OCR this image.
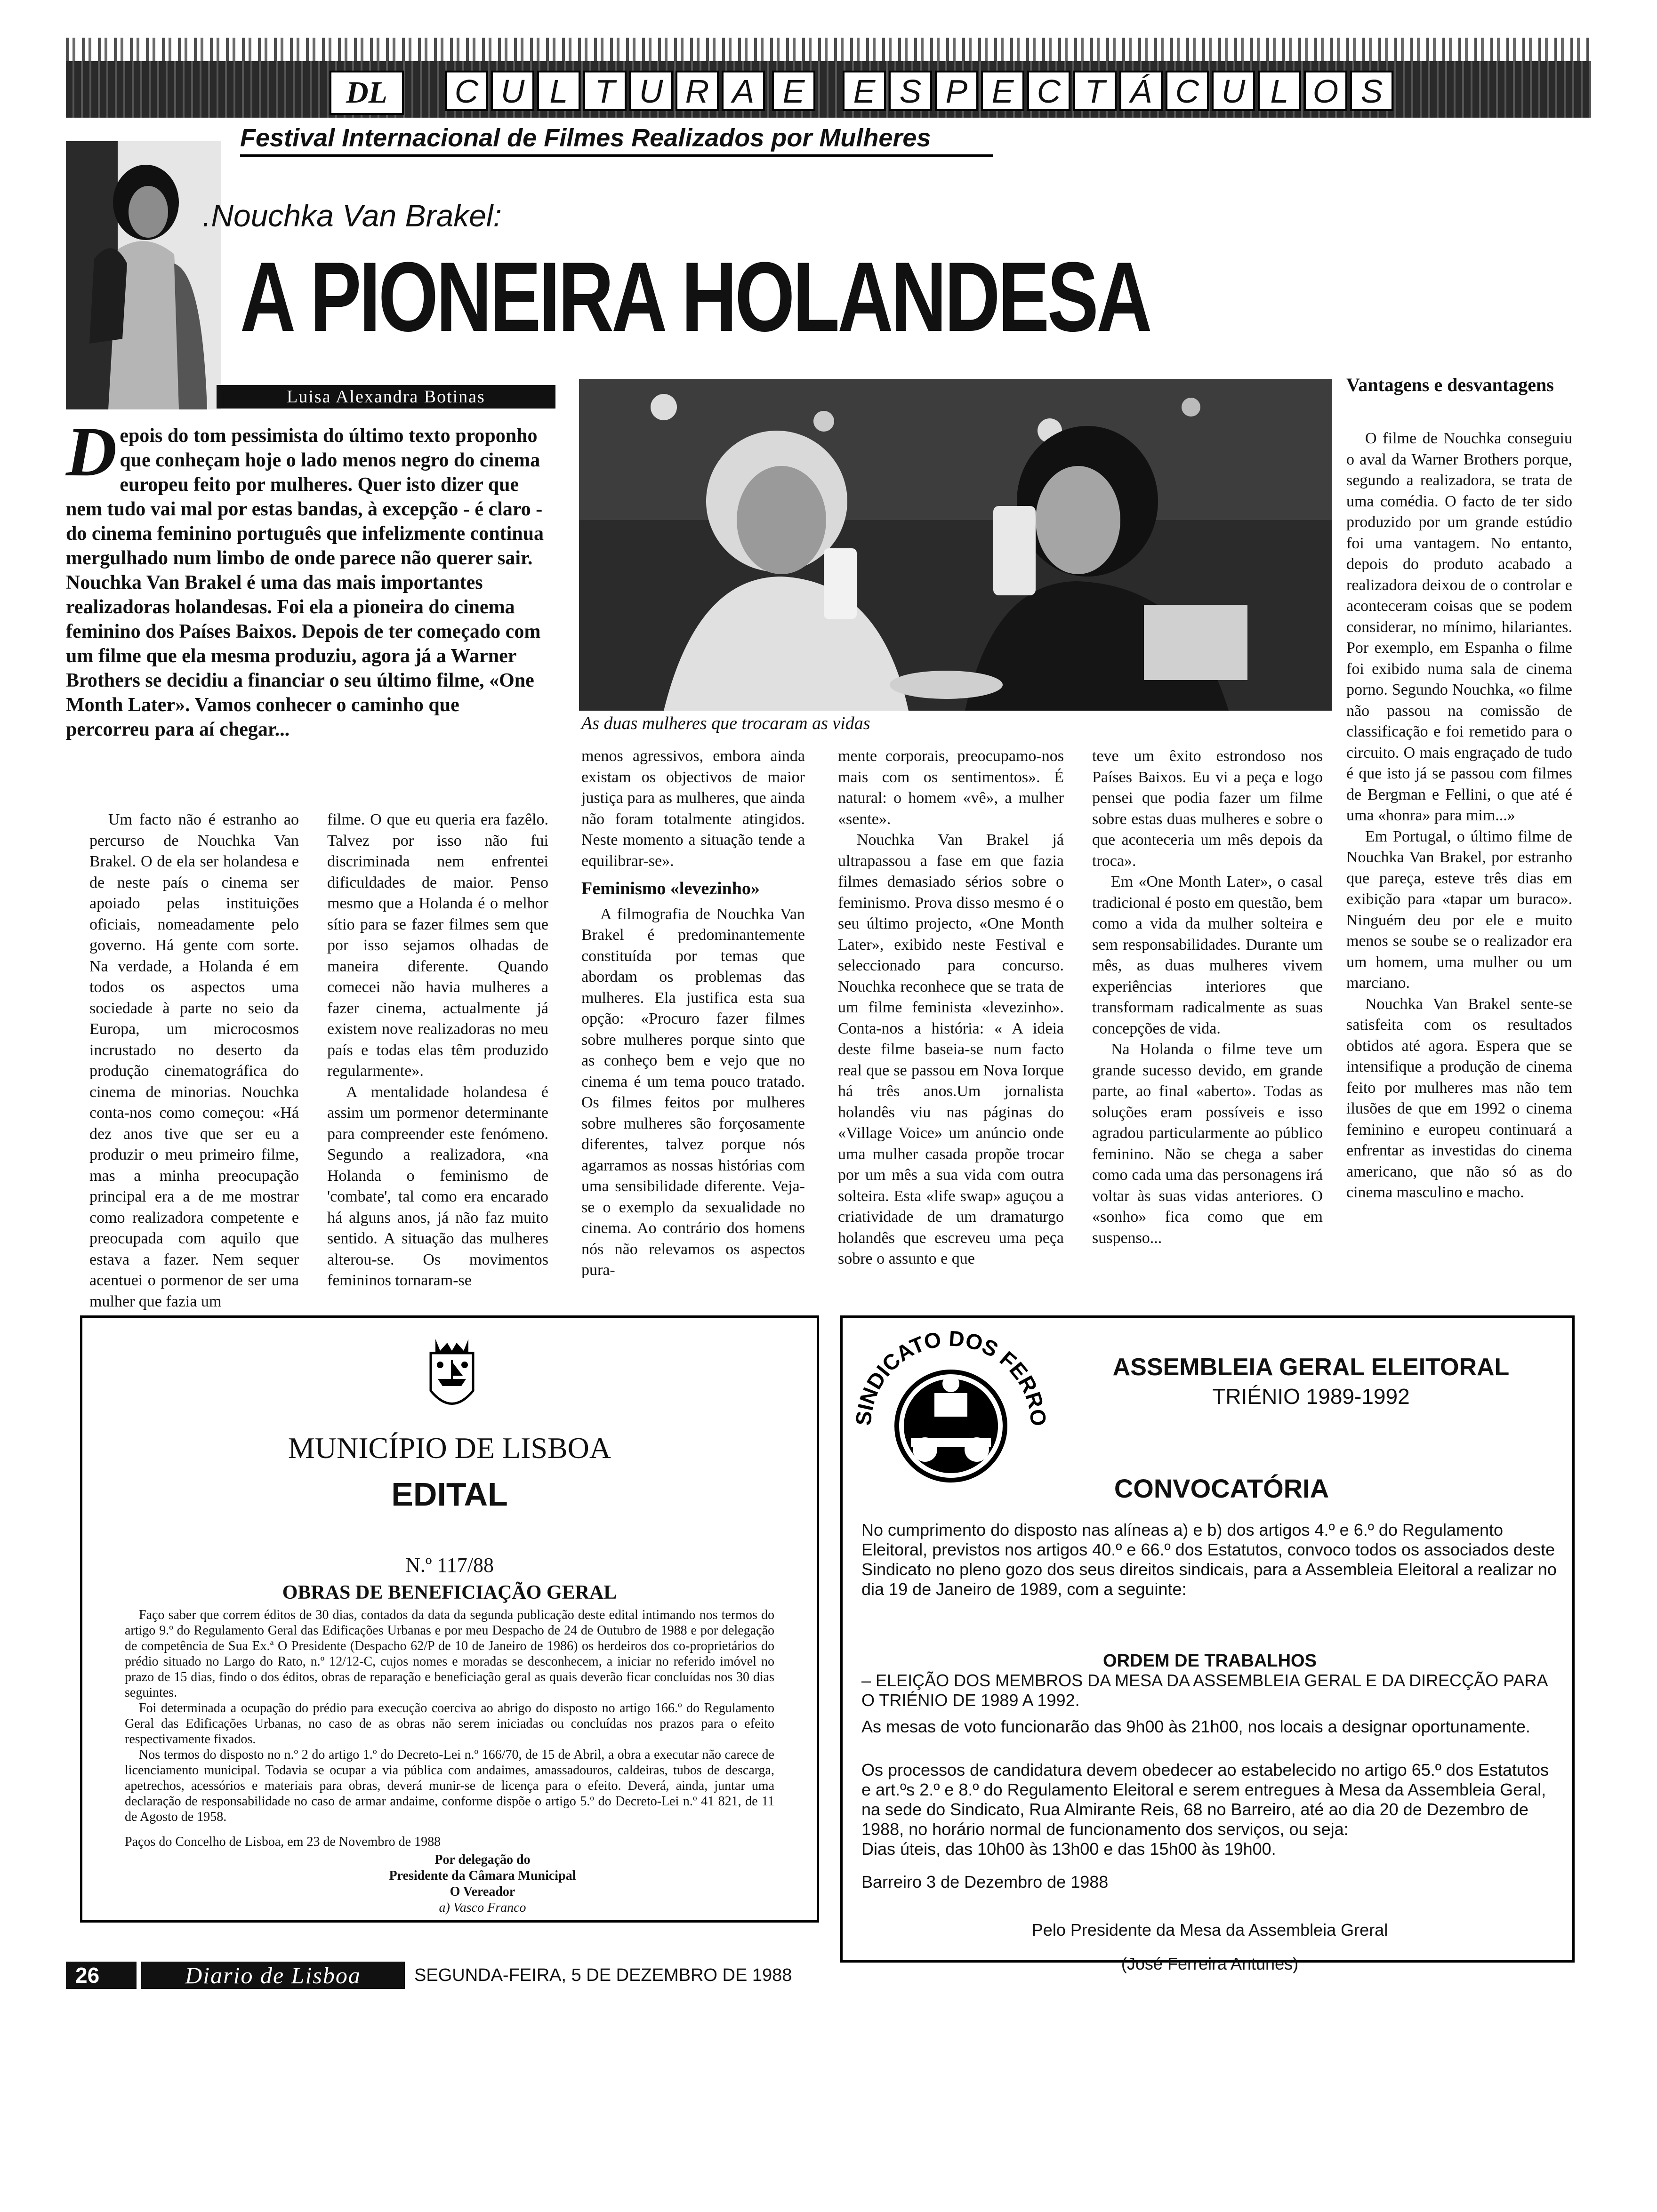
DL	C U L T U R A E	E S P E C T Á C U L O S
Festival Internacional de Filmes Realizados por Mulheres
.Nouchka Van Brakel:
A PIONEIRA HOLANDESA
Luisa Alexandra Botinas
As duas mulheres que trocaram as vidas
D epois do tom pessimista do último texto proponho que conheçam hoje o lado menos negro do cinema europeu feito por mulheres. Quer isto dizer que nem tudo vai mal por estas bandas, à excepção - é claro - do cinema feminino português que infelizmente continua mergulhado num limbo de onde parece não querer sair. Nouchka Van Brakel é uma das mais importantes realizadoras holandesas. Foi ela a pioneira do cinema feminino dos Países Baixos. Depois de ter começado com um filme que ela mesma produziu, agora já a Warner Brothers se decidiu a financiar o seu último filme, «One Month Later». Vamos conhecer o caminho que percorreu para aí chegar...

Um facto não é estranho ao percurso de Nouchka Van Brakel. O de ela ser holandesa e de neste país o cinema ser apoiado pelas instituições oficiais, nomeadamente pelo governo. Há gente com sorte. Na verdade, a Holanda é em todos os aspectos uma sociedade à parte no seio da Europa, um microcosmos incrustado no deserto da produção cinematográfica do cinema de minorias. Nouchka conta-nos como começou: «Há dez anos tive que ser eu a produzir o meu primeiro filme, mas a minha preocupação principal era a de me mostrar como realizadora competente e preocupada com aquilo que estava a fazer. Nem sequer acentuei o pormenor de ser uma mulher que fazia um

filme. O que eu queria era fazêlo. Talvez por isso não fui discriminada nem enfrentei dificuldades de maior. Penso mesmo que a Holanda é o melhor sítio para se fazer filmes sem que por isso sejamos olhadas de maneira diferente. Quando comecei não havia mulheres a fazer cinema, actualmente já existem nove realizadoras no meu país e todas elas têm produzido regularmente».

A mentalidade holandesa é assim um pormenor determinante para compreender este fenómeno. Segundo a realizadora, «na Holanda o feminismo de 'combate', tal como era encarado há alguns anos, já não faz muito sentido. A situação das mulheres alterou-se. Os movimentos femininos tornaram-se

menos agressivos, embora ainda existam os objectivos de maior justiça para as mulheres, que ainda não foram totalmente atingidos. Neste momento a situação tende a equilibrar-se».

Feminismo «levezinho»

A filmografia de Nouchka Van Brakel é predominantemente constituída por temas que abordam os problemas das mulheres. Ela justifica esta sua opção: «Procuro fazer filmes sobre mulheres porque sinto que as conheço bem e vejo que no cinema é um tema pouco tratado. Os filmes feitos por mulheres sobre mulheres são forçosamente diferentes, talvez porque nós agarramos as nossas histórias com uma sensibilidade diferente. Veja-se o exemplo da sexualidade no cinema. Ao contrário dos homens nós não relevamos os aspectos pura-

mente corporais, preocupamo-nos mais com os sentimentos». É natural: o homem «vê», a mulher «sente».

Nouchka Van Brakel já ultrapassou a fase em que fazia filmes demasiado sérios sobre o feminismo. Prova disso mesmo é o seu último projecto, «One Month Later», exibido neste Festival e seleccionado para concurso. Nouchka reconhece que se trata de um filme feminista «levezinho». Conta-nos a história: « A ideia deste filme baseia-se num facto real que se passou em Nova Iorque há três anos.Um jornalista holandês viu nas páginas do «Village Voice» um anúncio onde uma mulher casada propõe trocar por um mês a sua vida com outra solteira. Esta «life swap» aguçou a criatividade de um dramaturgo holandês que escreveu uma peça sobre o assunto e que

teve um êxito estrondoso nos Países Baixos. Eu vi a peça e logo pensei que podia fazer um filme sobre estas duas mulheres e sobre o que aconteceria um mês depois da troca».

Em «One Month Later», o casal tradicional é posto em questão, bem como a vida da mulher solteira e sem responsabilidades. Durante um mês, as duas mulheres vivem experiências interiores que transformam radicalmente as suas concepções de vida.

Na Holanda o filme teve um grande sucesso devido, em grande parte, ao final «aberto». Todas as soluções eram possíveis e isso agradou particularmente ao público feminino. Não se chega a saber como cada uma das personagens irá voltar às suas vidas anteriores. O «sonho» fica como que em suspenso...

Vantagens e desvantagens

O filme de Nouchka conseguiu o aval da Warner Brothers porque, segundo a realizadora, se trata de uma comédia. O facto de ter sido produzido por um grande estúdio foi uma vantagem. No entanto, depois do produto acabado a realizadora deixou de o controlar e aconteceram coisas que se podem considerar, no mínimo, hilariantes. Por exemplo, em Espanha o filme foi exibido numa sala de cinema porno. Segundo Nouchka, «o filme não passou na comissão de classificação e foi remetido para o circuito. O mais engraçado de tudo é que isto já se passou com filmes de Bergman e Fellini, o que até é uma «honra» para mim...»

Em Portugal, o último filme de Nouchka Van Brakel, por estranho que pareça, esteve três dias em exibição para «tapar um buraco». Ninguém deu por ele e muito menos se soube se o realizador era um homem, uma mulher ou um marciano.

Nouchka Van Brakel sente-se satisfeita com os resultados obtidos até agora. Espera que se intensifique a produção de cinema feito por mulheres mas não tem ilusões de que em 1992 o cinema feminino e europeu continuará a enfrentar as investidas do cinema americano, que não só as do cinema masculino e macho.

MUNICÍPIO DE LISBOA
EDITAL
N.º 117/88
OBRAS DE BENEFICIAÇÃO GERAL
Faço saber que correm éditos de 30 dias, contados da data da segunda publicação deste edital intimando nos termos do artigo 9.º do Regulamento Geral das Edificações Urbanas e por meu Despacho de 24 de Outubro de 1988 e por delegação de competência de Sua Ex.ª O Presidente (Despacho 62/P de 10 de Janeiro de 1986) os herdeiros dos co-proprietários do prédio situado no Largo do Rato, n.º 12/12-C, cujos nomes e moradas se desconhecem, a iniciar no referido imóvel no prazo de 15 dias, findo o dos éditos, obras de reparação e beneficiação geral as quais deverão ficar concluídas nos 30 dias seguintes.
Foi determinada a ocupação do prédio para execução coerciva ao abrigo do disposto no artigo 166.º do Regulamento Geral das Edificações Urbanas, no caso de as obras não serem iniciadas ou concluídas nos prazos para o efeito respectivamente fixados.
Nos termos do disposto no n.º 2 do artigo 1.º do Decreto-Lei n.º 166/70, de 15 de Abril, a obra a executar não carece de licenciamento municipal. Todavia se ocupar a via pública com andaimes, amassadouros, caldeiras, tubos de descarga, apetrechos, acessórios e materiais para obras, deverá munir-se de licença para o efeito. Deverá, ainda, juntar uma declaração de responsabilidade no caso de armar andaime, conforme dispõe o artigo 5.º do Decreto-Lei n.º 41 821, de 11 de Agosto de 1958.
Paços do Concelho de Lisboa, em 23 de Novembro de 1988
Por delegação do
Presidente da Câmara Municipal
O Vereador
a) Vasco Franco
SINDICATO DOS FERRO
ASSEMBLEIA GERAL ELEITORAL
TRIÉNIO 1989-1992
CONVOCATÓRIA
No cumprimento do disposto nas alíneas a) e b) dos artigos 4.º e 6.º do Regulamento Eleitoral, previstos nos artigos 40.º e 66.º dos Estatutos, convoco todos os associados deste Sindicato no pleno gozo dos seus direitos sindicais, para a Assembleia Eleitoral a realizar no dia 19 de Janeiro de 1989, com a seguinte:
ORDEM DE TRABALHOS
– ELEIÇÃO DOS MEMBROS DA MESA DA ASSEMBLEIA GERAL E DA DIRECÇÃO PARA O TRIÉNIO DE 1989 A 1992.
As mesas de voto funcionarão das 9h00 às 21h00, nos locais a designar oportunamente.
Os processos de candidatura devem obedecer ao estabelecido no artigo 65.º dos Estatutos e art.ºs 2.º e 8.º do Regulamento Eleitoral e serem entregues à Mesa da Assembleia Geral, na sede do Sindicato, Rua Almirante Reis, 68 no Barreiro, até ao dia 20 de Dezembro de 1988, no horário normal de funcionamento dos serviços, ou seja:
Dias úteis, das 10h00 às 13h00 e das 15h00 às 19h00.
Barreiro 3 de Dezembro de 1988
Pelo Presidente da Mesa da Assembleia Greral
(José Ferreira Antunes)
26	Diario de Lisboa	SEGUNDA-FEIRA, 5 DE DEZEMBRO DE 1988
